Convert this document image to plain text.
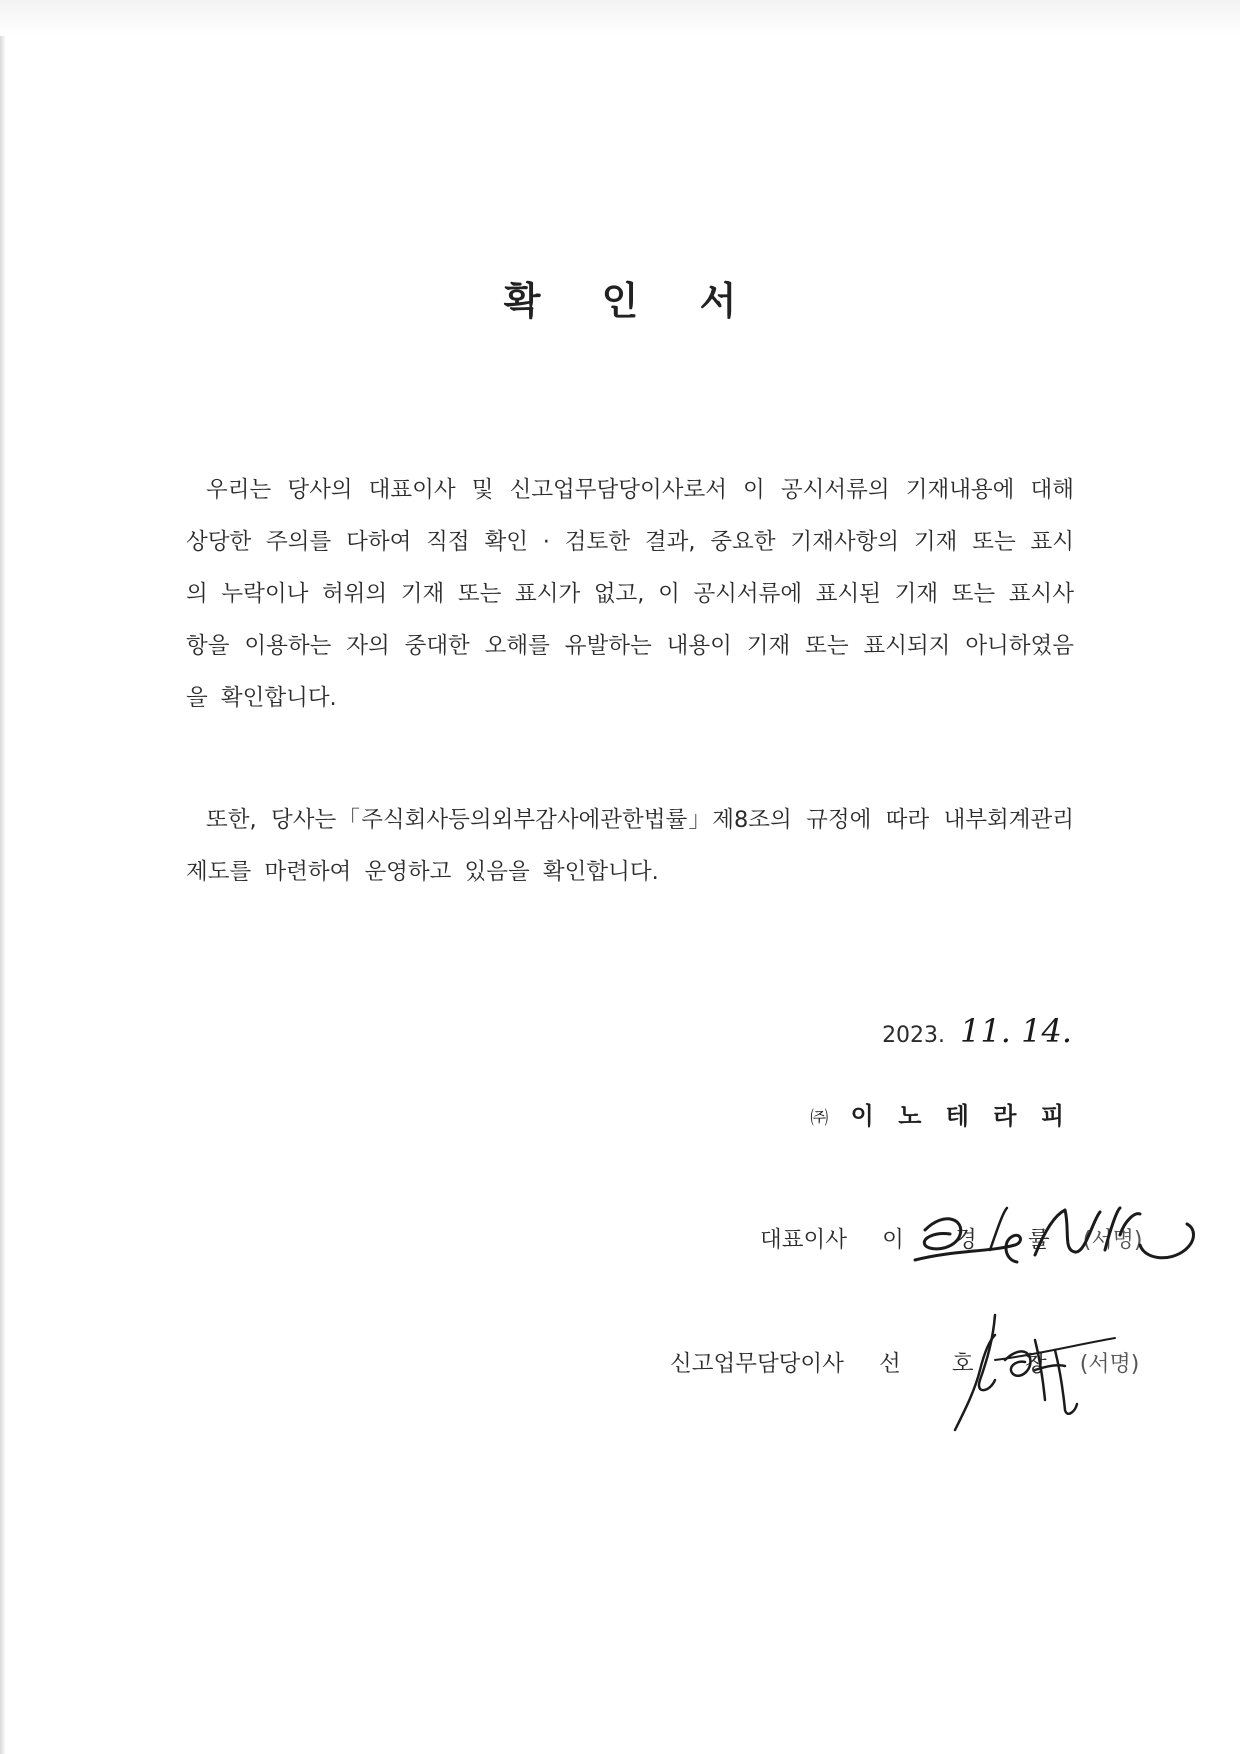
확 인 서
우리는 당사의 대표이사 및 신고업무담당이사로서 이 공시서류의 기재내용에 대해 상당한 주의를 다하여 직접 확인 · 검토한 결과, 중요한 기재사항의 기재 또는 표시의 누락이나 허위의 기재 또는 표시가 없고, 이 공시서류에 표시된 기재 또는 표시사항을 이용하는 자의 중대한 오해를 유발하는 내용이 기재 또는 표시되지 아니하였음을 확인합니다.
또한, 당사는「주식회사등의외부감사에관한법률」제8조의 규정에 따라 내부회계관리제도를 마련하여 운영하고 있음을 확인합니다.
2023. 11. 14.
㈜ 이 노 테 라 피
대표이사 이 경 률 (서명)
신고업무담당이사 선 호 창 (서명)
